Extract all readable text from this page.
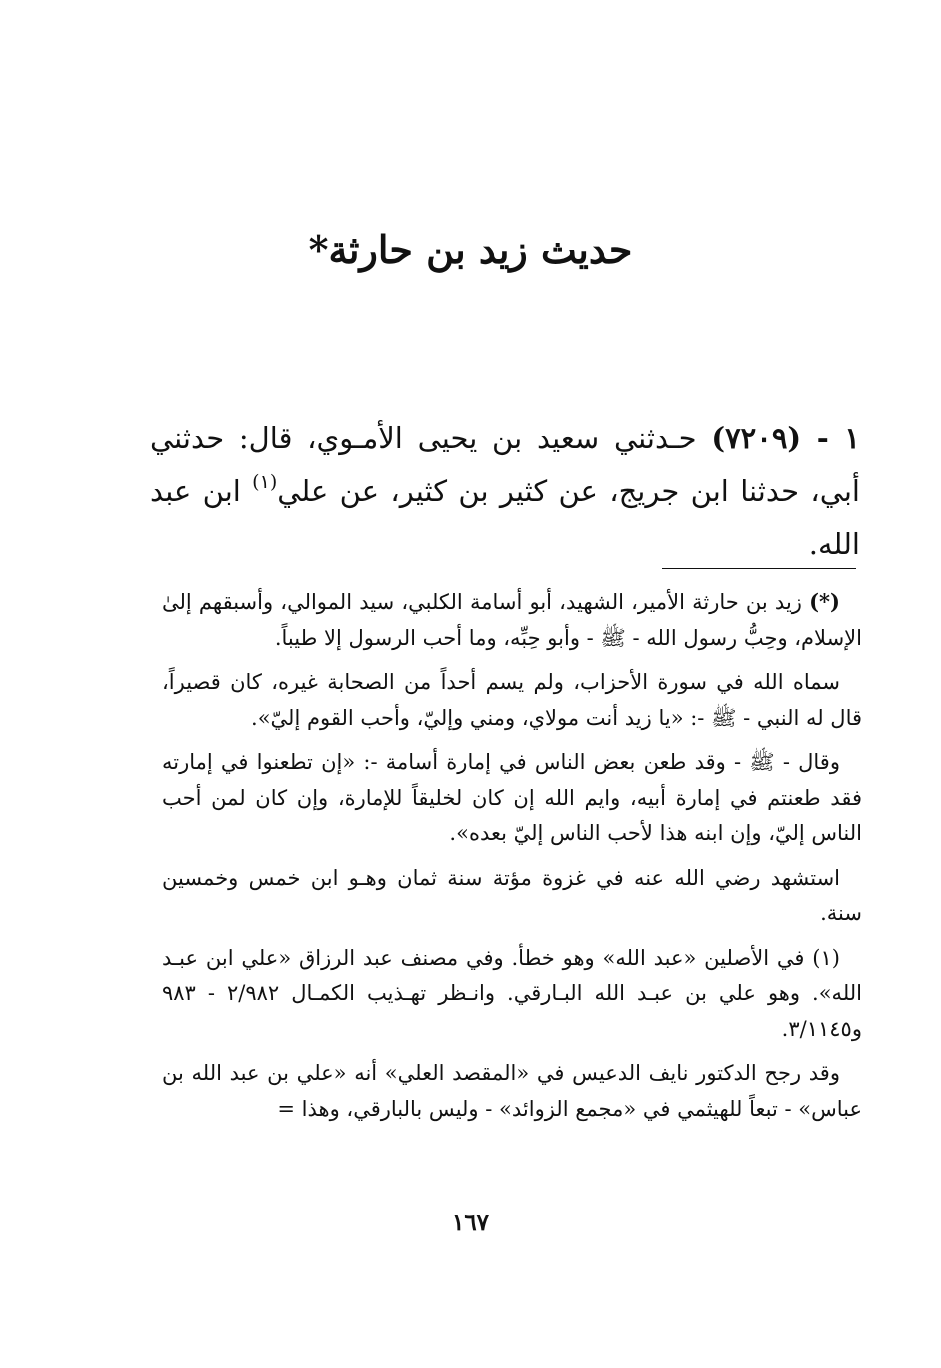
حديث زيد بن حارثة*

١ - (٧٢٠٩) حـدثني سعيد بن يحيى الأمـوي، قال: حدثني أبي، حدثنا ابن جريج، عن كثير بن كثير، عن علي$^{(١)}$ ابن عبد الله.

(*) زيد بن حارثة الأمير، الشهيد، أبو أسامة الكلبي، سيد الموالي، وأسبقهم إلىٰ الإسلام، وحِبُّ رسول الله - ﷺ - وأبو حِبِّه، وما أحب الرسول إلا طيباً.

سماه الله في سورة الأحزاب، ولم يسم أحداً من الصحابة غيره، كان قصيراً، قال له النبي - ﷺ -: «يا زيد أنت مولاي، ومني وإليّ، وأحب القوم إليّ».

وقال - ﷺ - وقد طعن بعض الناس في إمارة أسامة -: «إن تطعنوا في إمارته فقد طعنتم في إمارة أبيه، وايم الله إن كان لخليقاً للإمارة، وإن كان لمن أحب الناس إليّ، وإن ابنه هذا لأحب الناس إليّ بعده».

استشهد رضي الله عنه في غزوة مؤتة سنة ثمان وهـو ابن خمس وخمسين سنة.

(١) في الأصلين «عبد الله» وهو خطأ. وفي مصنف عبد الرزاق «علي ابن عبـد الله». وهو علي بن عبـد الله البـارقي. وانـظر تهـذيب الكمـال ٢/٩٨٢ - ٩٨٣ و٣/١١٤٥.

وقد رجح الدكتور نايف الدعيس في «المقصد العلي» أنه «علي بن عبد الله بن عباس» - تبعاً للهيثمي في «مجمع الزوائد» - وليس بالبارقي، وهذا =

١٦٧
